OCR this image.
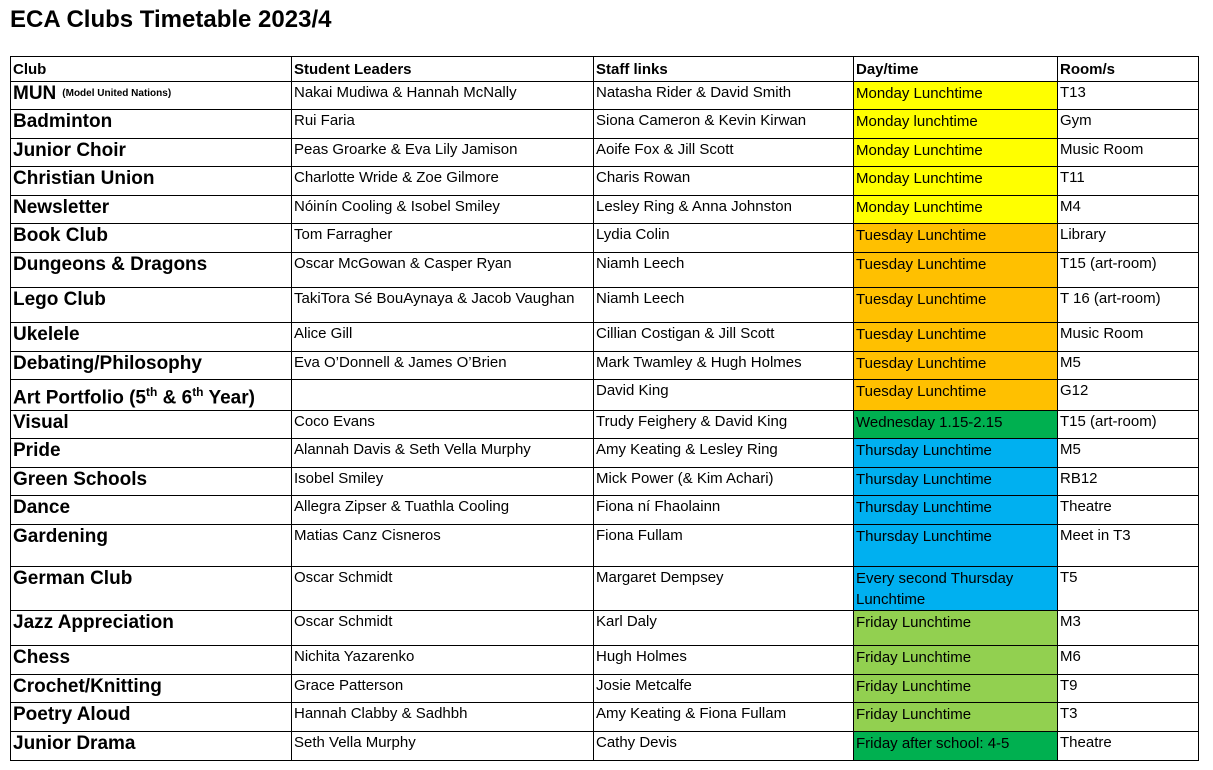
ECA Clubs Timetable 2023/4
Club	Student Leaders	Staff links	Day/time	Room/s
MUN (Model United Nations)	Nakai Mudiwa & Hannah McNally	Natasha Rider & David Smith	Monday Lunchtime	T13
Badminton	Rui Faria	Siona Cameron & Kevin Kirwan	Monday lunchtime	Gym
Junior Choir	Peas Groarke & Eva Lily Jamison	Aoife Fox & Jill Scott	Monday Lunchtime	Music Room
Christian Union	Charlotte Wride & Zoe Gilmore	Charis Rowan	Monday Lunchtime	T11
Newsletter	Nóinín Cooling & Isobel Smiley	Lesley Ring & Anna Johnston	Monday Lunchtime	M4
Book Club	Tom Farragher	Lydia Colin	Tuesday Lunchtime	Library
Dungeons & Dragons	Oscar McGowan & Casper Ryan	Niamh Leech	Tuesday Lunchtime	T15 (art-room)
Lego Club	TakiTora Sé BouAynaya & Jacob Vaughan	Niamh Leech	Tuesday Lunchtime	T 16 (art-room)
Ukelele	Alice Gill	Cillian Costigan & Jill Scott	Tuesday Lunchtime	Music Room
Debating/Philosophy	Eva O’Donnell & James O’Brien	Mark Twamley & Hugh Holmes	Tuesday Lunchtime	M5
Art Portfolio (5th & 6th Year)		David King	Tuesday Lunchtime	G12
Visual	Coco Evans	Trudy Feighery & David King	Wednesday 1.15-2.15	T15 (art-room)
Pride	Alannah Davis & Seth Vella Murphy	Amy Keating & Lesley Ring	Thursday Lunchtime	M5
Green Schools	Isobel Smiley	Mick Power (& Kim Achari)	Thursday Lunchtime	RB12
Dance	Allegra Zipser & Tuathla Cooling	Fiona ní Fhaolainn	Thursday Lunchtime	Theatre
Gardening	Matias Canz Cisneros	Fiona Fullam	Thursday Lunchtime	Meet in T3
German Club	Oscar Schmidt	Margaret Dempsey	Every second Thursday Lunchtime	T5
Jazz Appreciation	Oscar Schmidt	Karl Daly	Friday Lunchtime	M3
Chess	Nichita Yazarenko	Hugh Holmes	Friday Lunchtime	M6
Crochet/Knitting	Grace Patterson	Josie Metcalfe	Friday Lunchtime	T9
Poetry Aloud	Hannah Clabby & Sadhbh	Amy Keating & Fiona Fullam	Friday Lunchtime	T3
Junior Drama	Seth Vella Murphy	Cathy Devis	Friday after school: 4-5	Theatre
